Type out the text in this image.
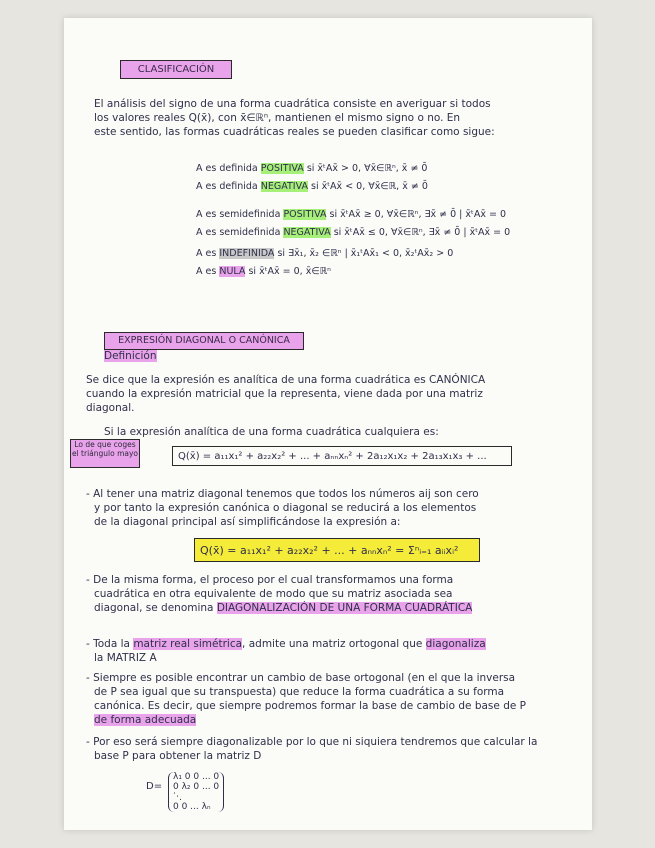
CLASIFICACIÓN
El análisis del signo de una forma cuadrática consiste en averiguar si todos
los valores reales Q(x̄), con x̄∈ℝⁿ, mantienen el mismo signo o no. En
este sentido, las formas cuadráticas reales se pueden clasificar como sigue:
A es definida POSITIVA si x̄ᵗAx̄ > 0, ∀x̄∈ℝⁿ, x̄ ≠ 0̄
A es definida NEGATIVA si x̄ᵗAx̄ < 0, ∀x̄∈ℝ, x̄ ≠ 0̄
A es semidefinida POSITIVA si x̄ᵗAx̄ ≥ 0, ∀x̄∈ℝⁿ, ∃x̄ ≠ 0̄ | x̄ᵗAx̄ = 0
A es semidefinida NEGATIVA si x̄ᵗAx̄ ≤ 0, ∀x̄∈ℝⁿ, ∃x̄ ≠ 0̄ | x̄ᵗAx̄ = 0
A es INDEFINIDA si ∃x̄₁, x̄₂ ∈ℝⁿ | x̄₁ᵗAx̄₁ < 0, x̄₂ᵗAx̄₂ > 0
A es NULA si x̄ᵗAx̄ = 0, x̄∈ℝⁿ
EXPRESIÓN DIAGONAL O CANÓNICA
Definición
Se dice que la expresión es analítica de una forma cuadrática es CANÓNICA
cuando la expresión matricial que la representa, viene dada por una matriz
diagonal.
Si la expresión analítica de una forma cuadrática cualquiera es:
Lo de que coges el triángulo mayo	Q(x̄) = a₁₁x₁² + a₂₂x₂² + ... + aₙₙxₙ² + 2a₁₂x₁x₂ + 2a₁₃x₁x₃ + ...
- Al tener una matriz diagonal tenemos que todos los números aij son cero
y por tanto la expresión canónica o diagonal se reducirá a los elementos
de la diagonal principal así simplificándose la expresión a:
Q(x̄) = a₁₁x₁² + a₂₂x₂² + ... + aₙₙxₙ² = Σⁿᵢ₌₁ aᵢᵢxᵢ²
- De la misma forma, el proceso por el cual transformamos una forma
cuadrática en otra equivalente de modo que su matriz asociada sea
diagonal, se denomina DIAGONALIZACIÓN DE UNA FORMA CUADRÁTICA
- Toda la matriz real simétrica, admite una matriz ortogonal que diagonaliza
la MATRIZ A
- Siempre es posible encontrar un cambio de base ortogonal (en el que la inversa
de P sea igual que su transpuesta) que reduce la forma cuadrática a su forma
canónica. Es decir, que siempre podremos formar la base de cambio de base de P
de forma adecuada
- Por eso será siempre diagonalizable por lo que ni siquiera tendremos que calcular la
base P para obtener la matriz D
D=
λ₁ 0 0 ... 0
0 λ₂ 0 ... 0
⋱
0 0 ... λₙ
